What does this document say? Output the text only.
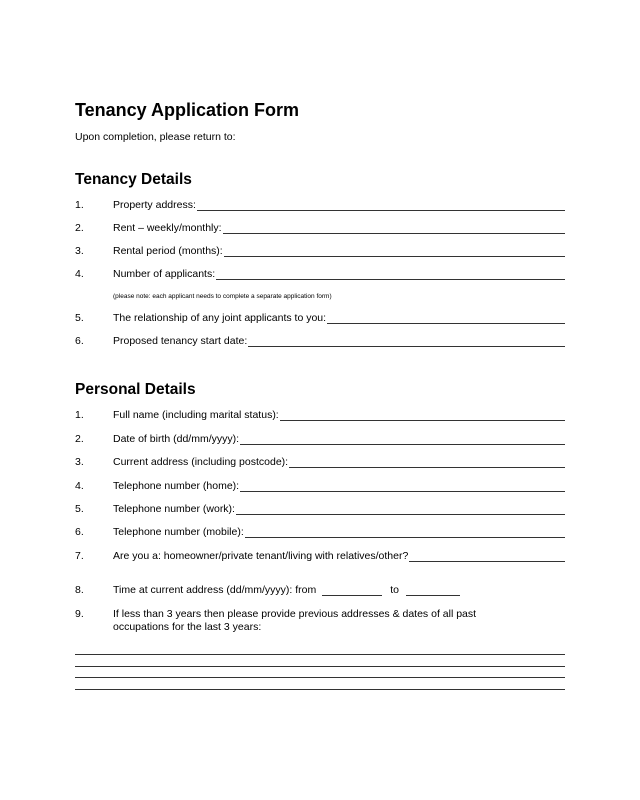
Tenancy Application Form
Upon completion, please return to:
Tenancy Details
1.	Property address:
2.	Rent – weekly/monthly:
3.	Rental period (months):
4.	Number of applicants:
(please note: each applicant needs to complete a separate application form)
5.	The relationship of any joint applicants to you:
6.	Proposed tenancy start date:
Personal Details
1.	Full name (including marital status):
2.	Date of birth (dd/mm/yyyy):
3.	Current address (including postcode):
4.	Telephone number (home):
5.	Telephone number (work):
6.	Telephone number (mobile):
7.	Are you a: homeowner/private tenant/living with relatives/other?
8.	Time at current address (dd/mm/yyyy): from	to
9.	If less than 3 years then please provide previous addresses & dates of all past occupations for the last 3 years:
